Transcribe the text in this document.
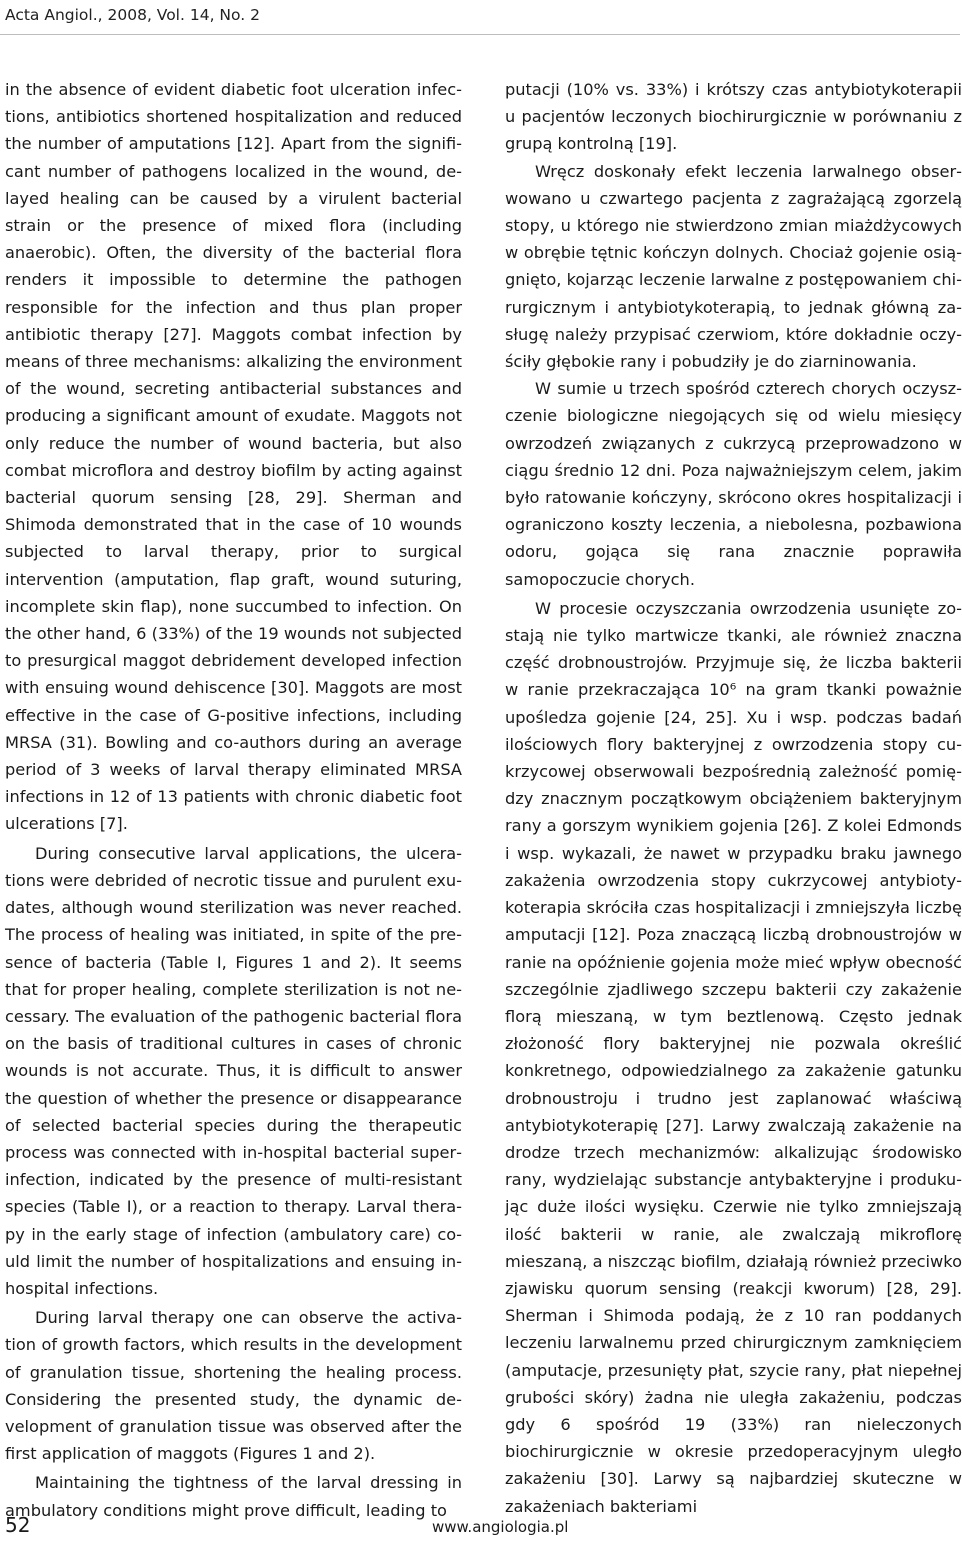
Acta Angiol., 2008, Vol. 14, No. 2

in the absence of evident diabetic foot ulceration infections, antibiotics shortened hospitalization and reduced the number of amputations [12]. Apart from the significant number of pathogens localized in the wound, delayed healing can be caused by a virulent bacterial strain or the presence of mixed flora (including anaerobic). Often, the diversity of the bacterial flora renders it impossible to determine the pathogen responsible for the infection and thus plan proper antibiotic therapy [27]. Maggots combat infection by means of three mechanisms: alkalizing the environment of the wound, secreting antibacterial substances and producing a significant amount of exudate. Maggots not only reduce the number of wound bacteria, but also combat microflora and destroy biofilm by acting against bacterial quorum sensing [28, 29]. Sherman and Shimoda demonstrated that in the case of 10 wounds subjected to larval therapy, prior to surgical intervention (amputation, flap graft, wound suturing, incomplete skin flap), none succumbed to infection. On the other hand, 6 (33%) of the 19 wounds not subjected to presurgical maggot debridement developed infection with ensuing wound dehiscence [30]. Maggots are most effective in the case of G-positive infections, including MRSA (31). Bowling and co-authors during an average period of 3 weeks of larval therapy eliminated MRSA infections in 12 of 13 patients with chronic diabetic foot ulcerations [7].

During consecutive larval applications, the ulcerations were debrided of necrotic tissue and purulent exudates, although wound sterilization was never reached. The process of healing was initiated, in spite of the presence of bacteria (Table I, Figures 1 and 2). It seems that for proper healing, complete sterilization is not necessary. The evaluation of the pathogenic bacterial flora on the basis of traditional cultures in cases of chronic wounds is not accurate. Thus, it is difficult to answer the question of whether the presence or disappearance of selected bacterial species during the therapeutic process was connected with in-hospital bacterial superinfection, indicated by the presence of multi-resistant species (Table I), or a reaction to therapy. Larval therapy in the early stage of infection (ambulatory care) could limit the number of hospitalizations and ensuing in-hospital infections.

During larval therapy one can observe the activation of growth factors, which results in the development of granulation tissue, shortening the healing process. Considering the presented study, the dynamic development of granulation tissue was observed after the first application of maggots (Figures 1 and 2).

Maintaining the tightness of the larval dressing in ambulatory conditions might prove difficult, leading to

putacji (10% vs. 33%) i krótszy czas antybiotykoterapii u pacjentów leczonych biochirurgicznie w porównaniu z grupą kontrolną [19].

Wręcz doskonały efekt leczenia larwalnego obserwowano u czwartego pacjenta z zagrażającą zgorzelą stopy, u którego nie stwierdzono zmian miażdżycowych w obrębie tętnic kończyn dolnych. Chociaż gojenie osiągnięto, kojarząc leczenie larwalne z postępowaniem chirurgicznym i antybiotykoterapią, to jednak główną zasługę należy przypisać czerwiom, które dokładnie oczyściły głębokie rany i pobudziły je do ziarninowania.

W sumie u trzech spośród czterech chorych oczyszczenie biologiczne niegojących się od wielu miesięcy owrzodzeń związanych z cukrzycą przeprowadzono w ciągu średnio 12 dni. Poza najważniejszym celem, jakim było ratowanie kończyny, skrócono okres hospitalizacji i ograniczono koszty leczenia, a niebolesna, pozbawiona odoru, gojąca się rana znacznie poprawiła samopoczucie chorych.

W procesie oczyszczania owrzodzenia usunięte zostają nie tylko martwicze tkanki, ale również znaczna część drobnoustrojów. Przyjmuje się, że liczba bakterii w ranie przekraczająca 10⁶ na gram tkanki poważnie upośledza gojenie [24, 25]. Xu i wsp. podczas badań ilościowych flory bakteryjnej z owrzodzenia stopy cukrzycowej obserwowali bezpośrednią zależność pomiędzy znacznym początkowym obciążeniem bakteryjnym rany a gorszym wynikiem gojenia [26]. Z kolei Edmonds i wsp. wykazali, że nawet w przypadku braku jawnego zakażenia owrzodzenia stopy cukrzycowej antybiotykoterapia skróciła czas hospitalizacji i zmniejszyła liczbę amputacji [12]. Poza znaczącą liczbą drobnoustrojów w ranie na opóźnienie gojenia może mieć wpływ obecność szczególnie zjadliwego szczepu bakterii czy zakażenie florą mieszaną, w tym beztlenową. Często jednak złożoność flory bakteryjnej nie pozwala określić konkretnego, odpowiedzialnego za zakażenie gatunku drobnoustroju i trudno jest zaplanować właściwą antybiotykoterapię [27]. Larwy zwalczają zakażenie na drodze trzech mechanizmów: alkalizując środowisko rany, wydzielając substancje antybakteryjne i produkując duże ilości wysięku. Czerwie nie tylko zmniejszają ilość bakterii w ranie, ale zwalczają mikroflorę mieszaną, a niszcząc biofilm, działają również przeciwko zjawisku quorum sensing (reakcji kworum) [28, 29]. Sherman i Shimoda podają, że z 10 ran poddanych leczeniu larwalnemu przed chirurgicznym zamknięciem (amputacje, przesunięty płat, szycie rany, płat niepełnej grubości skóry) żadna nie uległa zakażeniu, podczas gdy 6 spośród 19 (33%) ran nieleczonych biochirurgicznie w okresie przedoperacyjnym uległo zakażeniu [30]. Larwy są najbardziej skuteczne w zakażeniach bakteriami

52	www.angiologia.pl
